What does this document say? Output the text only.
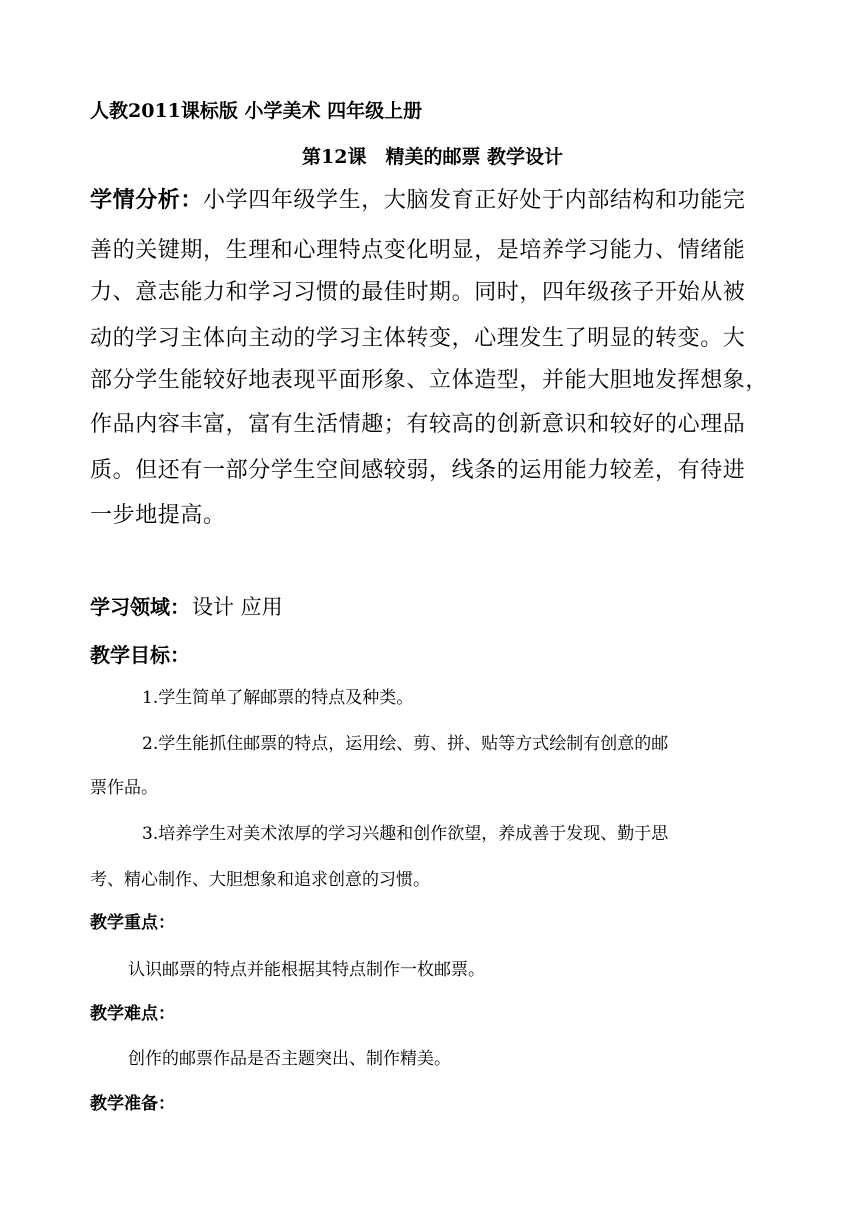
人教2011课标版 小学美术 四年级上册
第12课　精美的邮票 教学设计
学情分析：小学四年级学生，大脑发育正好处于内部结构和功能完
善的关键期，生理和心理特点变化明显，是培养学习能力、情绪能
力、意志能力和学习习惯的最佳时期。同时，四年级孩子开始从被
动的学习主体向主动的学习主体转变，心理发生了明显的转变。大
部分学生能较好地表现平面形象、立体造型，并能大胆地发挥想象，
作品内容丰富，富有生活情趣；有较高的创新意识和较好的心理品
质。但还有一部分学生空间感较弱，线条的运用能力较差，有待进
一步地提高。
学习领域：设计 应用
教学目标：
1.学生简单了解邮票的特点及种类。
2.学生能抓住邮票的特点，运用绘、剪、拼、贴等方式绘制有创意的邮
票作品。
3.培养学生对美术浓厚的学习兴趣和创作欲望，养成善于发现、勤于思
考、精心制作、大胆想象和追求创意的习惯。
教学重点：
认识邮票的特点并能根据其特点制作一枚邮票。
教学难点：
创作的邮票作品是否主题突出、制作精美。
教学准备：
